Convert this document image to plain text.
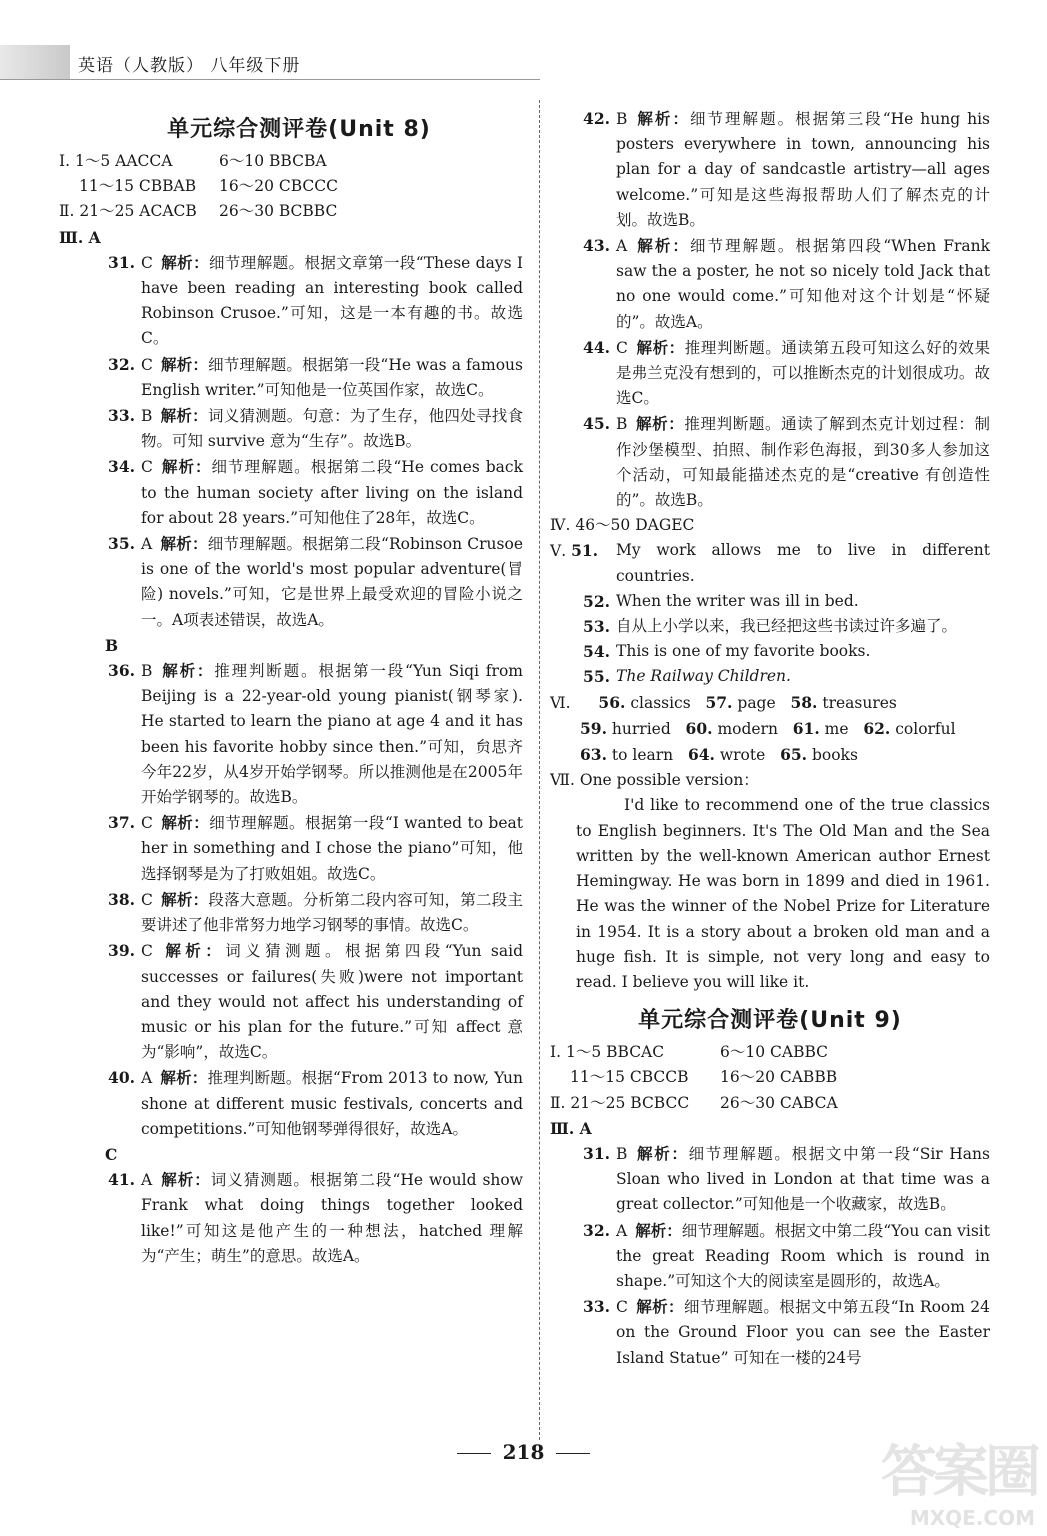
英语（人教版） 八年级下册
单元综合测评卷(Unit 8)
Ⅰ. 1～5 AACCA	6～10 BBCBA
11～15 CBBAB	16～20 CBCCC
Ⅱ. 21～25 ACACB	26～30 BCBBC
Ⅲ. A
31. C 解析：细节理解题。根据文章第一段“These days I have been reading an interesting book called Robinson Crusoe.”可知，这是一本有趣的书。故选C。
32. C 解析：细节理解题。根据第一段“He was a famous English writer.”可知他是一位英国作家，故选C。
33. B 解析：词义猜测题。句意：为了生存，他四处寻找食物。可知 survive 意为“生存”。故选B。
34. C 解析：细节理解题。根据第二段“He comes back to the human society after living on the island for about 28 years.”可知他住了28年，故选C。
35. A 解析：细节理解题。根据第二段“Robinson Crusoe is one of the world's most popular adventure(冒险) novels.”可知，它是世界上最受欢迎的冒险小说之一。A项表述错误，故选A。
B
36. B 解析：推理判断题。根据第一段“Yun Siqi from Beijing is a 22-year-old young pianist(钢琴家). He started to learn the piano at age 4 and it has been his favorite hobby since then.”可知，贠思齐今年22岁，从4岁开始学钢琴。所以推测他是在2005年开始学钢琴的。故选B。
37. C 解析：细节理解题。根据第一段“I wanted to beat her in something and I chose the piano”可知，他选择钢琴是为了打败姐姐。故选C。
38. C 解析：段落大意题。分析第二段内容可知，第二段主要讲述了他非常努力地学习钢琴的事情。故选C。
39. C 解析：词义猜测题。根据第四段“Yun said successes or failures(失败)were not important and they would not affect his understanding of music or his plan for the future.”可知 affect 意为“影响”，故选C。
40. A 解析：推理判断题。根据“From 2013 to now, Yun shone at different music festivals, concerts and competitions.”可知他钢琴弹得很好，故选A。
C
41. A 解析：词义猜测题。根据第二段“He would show Frank what doing things together looked like!”可知这是他产生的一种想法，hatched 理解为“产生；萌生”的意思。故选A。
42. B 解析：细节理解题。根据第三段“He hung his posters everywhere in town, announcing his plan for a day of sandcastle artistry—all ages welcome.”可知是这些海报帮助人们了解杰克的计划。故选B。
43. A 解析：细节理解题。根据第四段“When Frank saw the a poster, he not so nicely told Jack that no one would come.”可知他对这个计划是“怀疑的”。故选A。
44. C 解析：推理判断题。通读第五段可知这么好的效果是弗兰克没有想到的，可以推断杰克的计划很成功。故选C。
45. B 解析：推理判断题。通读了解到杰克计划过程：制作沙堡模型、拍照、制作彩色海报，到30多人参加这个活动，可知最能描述杰克的是“creative 有创造性的”。故选B。
Ⅳ. 46～50 DAGEC
Ⅴ. 51.	My work allows me to live in different countries.
52. When the writer was ill in bed.
53. 自从上小学以来，我已经把这些书读过许多遍了。
54. This is one of my favorite books.
55. The Railway Children.
Ⅵ. 56. classics 57. page 58. treasures
59. hurried 60. modern 61. me 62. colorful
63. to learn 64. wrote 65. books
Ⅶ. One possible version：
I'd like to recommend one of the true classics to English beginners. It's The Old Man and the Sea written by the well-known American author Ernest Hemingway. He was born in 1899 and died in 1961. He was the winner of the Nobel Prize for Literature in 1954. It is a story about a broken old man and a huge fish. It is simple, not very long and easy to read. I believe you will like it.
单元综合测评卷(Unit 9)
Ⅰ. 1～5 BBCAC	6～10 CABBC
11～15 CBCCB	16～20 CABBB
Ⅱ. 21～25 BCBCC	26～30 CABCA
Ⅲ. A
31. B 解析：细节理解题。根据文中第一段“Sir Hans Sloan who lived in London at that time was a great collector.”可知他是一个收藏家，故选B。
32. A 解析：细节理解题。根据文中第二段“You can visit the great Reading Room which is round in shape.”可知这个大的阅读室是圆形的，故选A。
33. C 解析：细节理解题。根据文中第五段“In Room 24 on the Ground Floor you can see the Easter Island Statue” 可知在一楼的24号
218	答案圈
MXQE.COM
